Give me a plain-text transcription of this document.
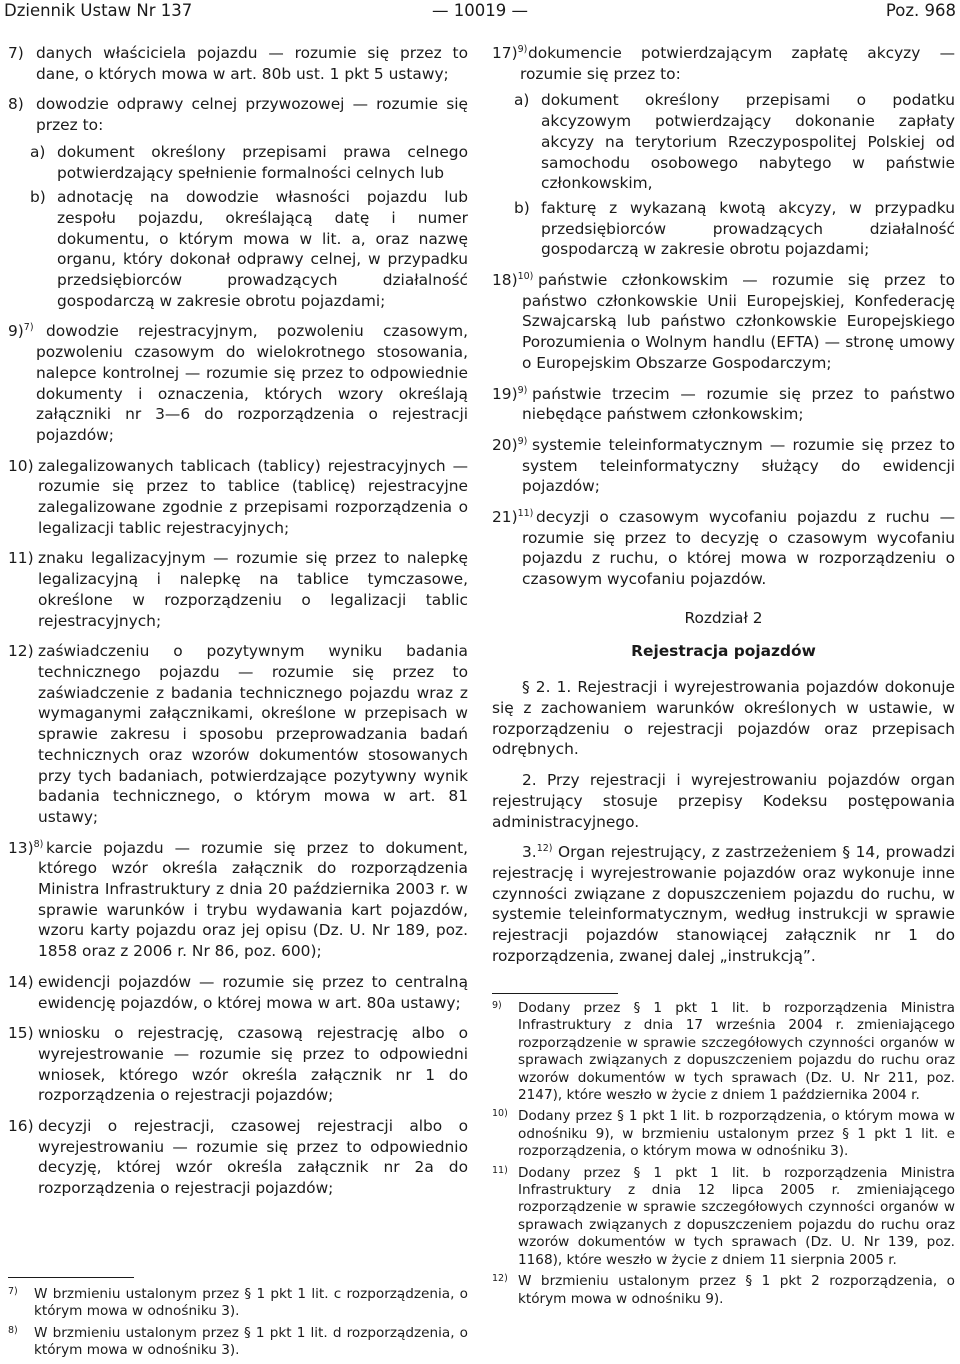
Dziennik Ustaw Nr 137	— 10019 —	Poz. 968
7) danych właściciela pojazdu — rozumie się przez to dane, o których mowa w art. 80b ust. 1 pkt 5 ustawy;
8) dowodzie odprawy celnej przywozowej — rozumie się przez to:
a) dokument określony przepisami prawa celnego potwierdzający spełnienie formalności celnych lub
b) adnotację na dowodzie własności pojazdu lub zespołu pojazdu, określającą datę i numer dokumentu, o którym mowa w lit. a, oraz nazwę organu, który dokonał odprawy celnej, w przypadku przedsiębiorców prowadzących działalność gospodarczą w zakresie obrotu pojazdami;
9)$^{7)}$ dowodzie rejestracyjnym, pozwoleniu czasowym, pozwoleniu czasowym do wielokrotnego stosowania, nalepce kontrolnej — rozumie się przez to odpowiednie dokumenty i oznaczenia, których wzory określają załączniki nr 3—6 do rozporządzenia o rejestracji pojazdów;
10) zalegalizowanych tablicach (tablicy) rejestracyjnych — rozumie się przez to tablice (tablicę) rejestracyjne zalegalizowane zgodnie z przepisami rozporządzenia o legalizacji tablic rejestracyjnych;
11) znaku legalizacyjnym — rozumie się przez to nalepkę legalizacyjną i nalepkę na tablice tymczasowe, określone w rozporządzeniu o legalizacji tablic rejestracyjnych;
12) zaświadczeniu o pozytywnym wyniku badania technicznego pojazdu — rozumie się przez to zaświadczenie z badania technicznego pojazdu wraz z wymaganymi załącznikami, określone w przepisach w sprawie zakresu i sposobu przeprowadzania badań technicznych oraz wzorów dokumentów stosowanych przy tych badaniach, potwierdzające pozytywny wynik badania technicznego, o którym mowa w art. 81 ustawy;
13)$^{8)}$ karcie pojazdu — rozumie się przez to dokument, którego wzór określa załącznik do rozporządzenia Ministra Infrastruktury z dnia 20 października 2003 r. w sprawie warunków i trybu wydawania kart pojazdów, wzoru karty pojazdu oraz jej opisu (Dz. U. Nr 189, poz. 1858 oraz z 2006 r. Nr 86, poz. 600);
14) ewidencji pojazdów — rozumie się przez to centralną ewidencję pojazdów, o której mowa w art. 80a ustawy;
15) wniosku o rejestrację, czasową rejestrację albo o wyrejestrowanie — rozumie się przez to odpowiedni wniosek, którego wzór określa załącznik nr 1 do rozporządzenia o rejestracji pojazdów;
16) decyzji o rejestracji, czasowej rejestracji albo o wyrejestrowaniu — rozumie się przez to odpowiednio decyzję, której wzór określa załącznik nr 2a do rozporządzenia o rejestracji pojazdów;
7) W brzmieniu ustalonym przez § 1 pkt 1 lit. c rozporządzenia, o którym mowa w odnośniku 3).
8) W brzmieniu ustalonym przez § 1 pkt 1 lit. d rozporządzenia, o którym mowa w odnośniku 3).
17)$^{9)}$ dokumencie potwierdzającym zapłatę akcyzy — rozumie się przez to:
a) dokument określony przepisami o podatku akcyzowym potwierdzający dokonanie zapłaty akcyzy na terytorium Rzeczypospolitej Polskiej od samochodu osobowego nabytego w państwie członkowskim,
b) fakturę z wykazaną kwotą akcyzy, w przypadku przedsiębiorców prowadzących działalność gospodarczą w zakresie obrotu pojazdami;
18)$^{10)}$ państwie członkowskim — rozumie się przez to państwo członkowskie Unii Europejskiej, Konfederację Szwajcarską lub państwo członkowskie Europejskiego Porozumienia o Wolnym handlu (EFTA) — stronę umowy o Europejskim Obszarze Gospodarczym;
19)$^{9)}$ państwie trzecim — rozumie się przez to państwo niebędące państwem członkowskim;
20)$^{9)}$ systemie teleinformatycznym — rozumie się przez to system teleinformatyczny służący do ewidencji pojazdów;
21)$^{11)}$ decyzji o czasowym wycofaniu pojazdu z ruchu — rozumie się przez to decyzję o czasowym wycofaniu pojazdu z ruchu, o której mowa w rozporządzeniu o czasowym wycofaniu pojazdów.

Rozdział 2

Rejestracja pojazdów

§ 2. 1. Rejestracji i wyrejestrowania pojazdów dokonuje się z zachowaniem warunków określonych w ustawie, w rozporządzeniu o rejestracji pojazdów oraz przepisach odrębnych.

2. Przy rejestracji i wyrejestrowaniu pojazdów organ rejestrujący stosuje przepisy Kodeksu postępowania administracyjnego.

3.$^{12)}$ Organ rejestrujący, z zastrzeżeniem § 14, prowadzi rejestrację i wyrejestrowanie pojazdów oraz wykonuje inne czynności związane z dopuszczeniem pojazdu do ruchu, w systemie teleinformatycznym, według instrukcji w sprawie rejestracji pojazdów stanowiącej załącznik nr 1 do rozporządzenia, zwanej dalej „instrukcją”.

9) Dodany przez § 1 pkt 1 lit. b rozporządzenia Ministra Infrastruktury z dnia 17 września 2004 r. zmieniającego rozporządzenie w sprawie szczegółowych czynności organów w sprawach związanych z dopuszczeniem pojazdu do ruchu oraz wzorów dokumentów w tych sprawach (Dz. U. Nr 211, poz. 2147), które weszło w życie z dniem 1 października 2004 r.
10) Dodany przez § 1 pkt 1 lit. b rozporządzenia, o którym mowa w odnośniku 9), w brzmieniu ustalonym przez § 1 pkt 1 lit. e rozporządzenia, o którym mowa w odnośniku 3).
11) Dodany przez § 1 pkt 1 lit. b rozporządzenia Ministra Infrastruktury z dnia 12 lipca 2005 r. zmieniającego rozporządzenie w sprawie szczegółowych czynności organów w sprawach związanych z dopuszczeniem pojazdu do ruchu oraz wzorów dokumentów w tych sprawach (Dz. U. Nr 139, poz. 1168), które weszło w życie z dniem 11 sierpnia 2005 r.
12) W brzmieniu ustalonym przez § 1 pkt 2 rozporządzenia, o którym mowa w odnośniku 9).
